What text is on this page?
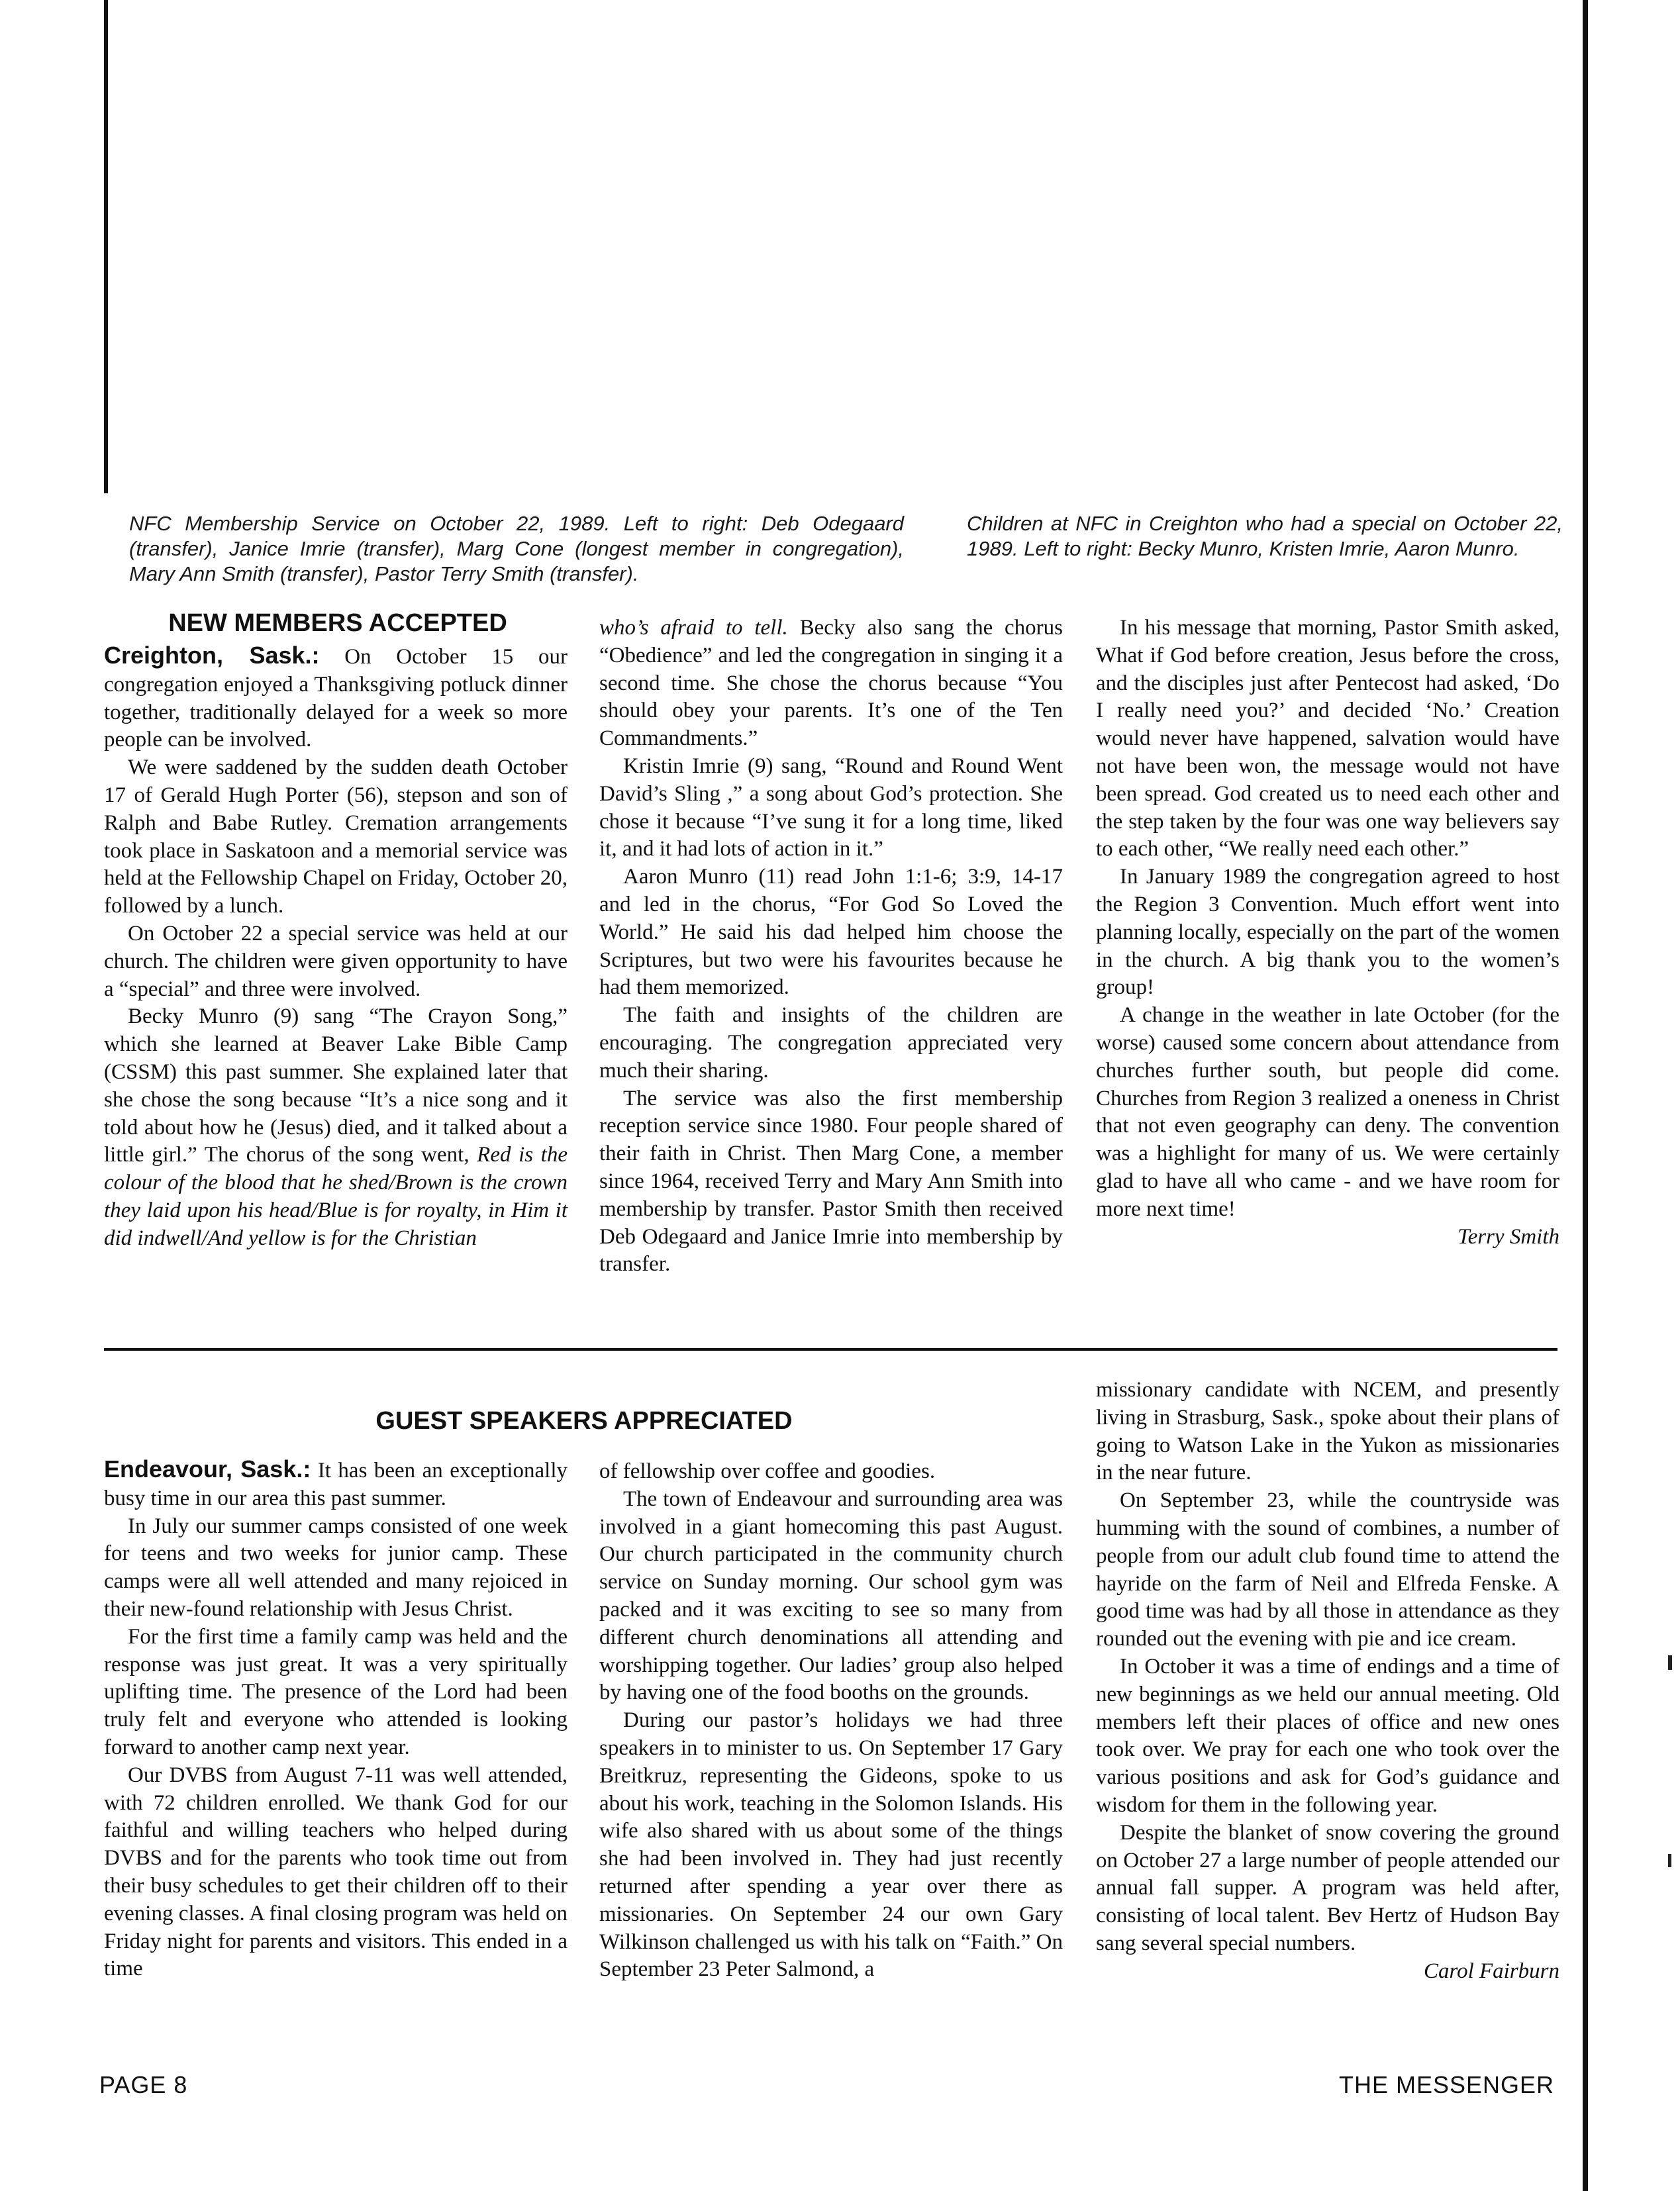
NFC Membership Service on October 22, 1989. Left to right: Deb Odegaard (transfer), Janice Imrie (transfer), Marg Cone (longest member in congregation), Mary Ann Smith (transfer), Pastor Terry Smith (transfer).
Children at NFC in Creighton who had a special on October 22, 1989. Left to right: Becky Munro, Kristen Imrie, Aaron Munro.
NEW MEMBERS ACCEPTED

Creighton, Sask.: On October 15 our congregation enjoyed a Thanksgiving potluck dinner together, traditionally delayed for a week so more people can be involved.

We were saddened by the sudden death October 17 of Gerald Hugh Porter (56), stepson and son of Ralph and Babe Rutley. Cremation arrangements took place in Saskatoon and a memorial service was held at the Fellowship Chapel on Friday, October 20, followed by a lunch.

On October 22 a special service was held at our church. The children were given opportunity to have a “special” and three were involved.

Becky Munro (9) sang “The Crayon Song,” which she learned at Beaver Lake Bible Camp (CSSM) this past summer. She explained later that she chose the song because “It’s a nice song and it told about how he (Jesus) died, and it talked about a little girl.” The chorus of the song went, Red is the colour of the blood that he shed/Brown is the crown they laid upon his head/Blue is for royalty, in Him it did indwell/And yellow is for the Christian

who’s afraid to tell. Becky also sang the chorus “Obedience” and led the congregation in singing it a second time. She chose the chorus because “You should obey your parents. It’s one of the Ten Commandments.”

Kristin Imrie (9) sang, “Round and Round Went David’s Sling ,” a song about God’s protection. She chose it because “I’ve sung it for a long time, liked it, and it had lots of action in it.”

Aaron Munro (11) read John 1:1-6; 3:9, 14-17 and led in the chorus, “For God So Loved the World.” He said his dad helped him choose the Scriptures, but two were his favourites because he had them memorized.

The faith and insights of the children are encouraging. The congregation appreciated very much their sharing.

The service was also the first membership reception service since 1980. Four people shared of their faith in Christ. Then Marg Cone, a member since 1964, received Terry and Mary Ann Smith into membership by transfer. Pastor Smith then received Deb Odegaard and Janice Imrie into membership by transfer.

In his message that morning, Pastor Smith asked, What if God before creation, Jesus before the cross, and the disciples just after Pentecost had asked, ‘Do I really need you?’ and decided ‘No.’ Creation would never have happened, salvation would have not have been won, the message would not have been spread. God created us to need each other and the step taken by the four was one way believers say to each other, “We really need each other.”

In January 1989 the congregation agreed to host the Region 3 Convention. Much effort went into planning locally, especially on the part of the women in the church. A big thank you to the women’s group!

A change in the weather in late October (for the worse) caused some concern about attendance from churches further south, but people did come. Churches from Region 3 realized a oneness in Christ that not even geography can deny. The convention was a highlight for many of us. We were certainly glad to have all who came - and we have room for more next time!

Terry Smith

GUEST SPEAKERS APPRECIATED

Endeavour, Sask.: It has been an exceptionally busy time in our area this past summer.

In July our summer camps consisted of one week for teens and two weeks for junior camp. These camps were all well attended and many rejoiced in their new-found relationship with Jesus Christ.

For the first time a family camp was held and the response was just great. It was a very spiritually uplifting time. The presence of the Lord had been truly felt and everyone who attended is looking forward to another camp next year.

Our DVBS from August 7-11 was well attended, with 72 children enrolled. We thank God for our faithful and willing teachers who helped during DVBS and for the parents who took time out from their busy schedules to get their children off to their evening classes. A final closing program was held on Friday night for parents and visitors. This ended in a time

of fellowship over coffee and goodies.

The town of Endeavour and surrounding area was involved in a giant homecoming this past August. Our church participated in the community church service on Sunday morning. Our school gym was packed and it was exciting to see so many from different church denominations all attending and worshipping together. Our ladies’ group also helped by having one of the food booths on the grounds.

During our pastor’s holidays we had three speakers in to minister to us. On September 17 Gary Breitkruz, representing the Gideons, spoke to us about his work, teaching in the Solomon Islands. His wife also shared with us about some of the things she had been involved in. They had just recently returned after spending a year over there as missionaries. On September 24 our own Gary Wilkinson challenged us with his talk on “Faith.” On September 23 Peter Salmond, a

missionary candidate with NCEM, and presently living in Strasburg, Sask., spoke about their plans of going to Watson Lake in the Yukon as missionaries in the near future.

On September 23, while the countryside was humming with the sound of combines, a number of people from our adult club found time to attend the hayride on the farm of Neil and Elfreda Fenske. A good time was had by all those in attendance as they rounded out the evening with pie and ice cream.

In October it was a time of endings and a time of new beginnings as we held our annual meeting. Old members left their places of office and new ones took over. We pray for each one who took over the various positions and ask for God’s guidance and wisdom for them in the following year.

Despite the blanket of snow covering the ground on October 27 a large number of people attended our annual fall supper. A program was held after, consisting of local talent. Bev Hertz of Hudson Bay sang several special numbers.

Carol Fairburn

PAGE 8	THE MESSENGER
